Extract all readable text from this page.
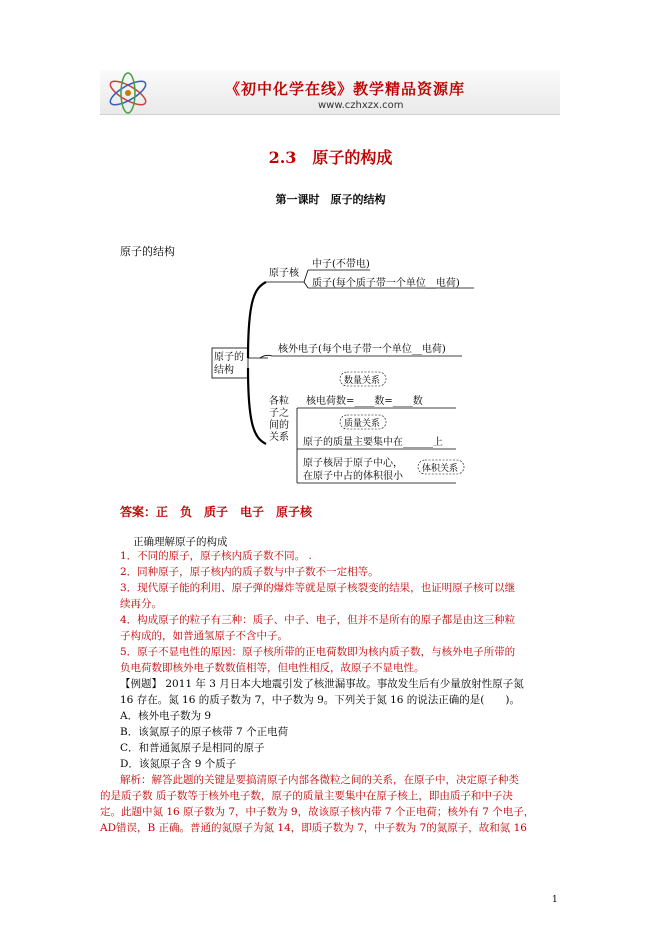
《初中化学在线》教学精品资源库
www.czhxzx.com
2.3　原子的构成
第一课时　原子的结构
原子的结构
原子的
结构
原子核
中子(不带电)
质子(每个质子带一个单位__电荷)
核外电子(每个电子带一个单位__电荷)
各粒
子之
间的
关系
数量关系
核电荷数=____数=____数
质量关系
原子的质量主要集中在______上
原子核居于原子中心，
在原子中占的体积很小
体积关系
答案：正　负　质子　电子　原子核
正确理解原子的构成
1．不同的原子，原子核内质子数不同。 .
2．同种原子，原子核内的质子数与中子数不一定相等。
3．现代原子能的利用、原子弹的爆炸等就是原子核裂变的结果，也证明原子核可以继
续再分。
4．构成原子的粒子有三种：质子、中子、电子，但并不是所有的原子都是由这三种粒
子构成的，如普通氢原子不含中子。
5．原子不显电性的原因：原子核所带的正电荷数即为核内质子数，与核外电子所带的
负电荷数即核外电子数数值相等，但电性相反，故原子不显电性。
【例题】 2011 年 3 月日本大地震引发了核泄漏事故。事故发生后有少量放射性原子氮
16 存在。氮 16 的质子数为 7，中子数为 9。下列关于氮 16 的说法正确的是(　　)。
A．核外电子数为 9
B．该氮原子的原子核带 7 个正电荷
C．和普通氮原子是相同的原子
D．该氮原子含 9 个质子
解析：解答此题的关键是要搞清原子内部各微粒之间的关系，在原子中，决定原子种类
的是质子数 质子数等于核外电子数，原子的质量主要集中在原子核上，即由质子和中子决
定。此题中氮 16 原子数为 7，中子数为 9，故该原子核内带 7 个正电荷；核外有 7 个电子，
AD错误，B 正确。普通的氮原子为氮 14，即质子数为 7，中子数为 7的氮原子，故和氮 16
1
